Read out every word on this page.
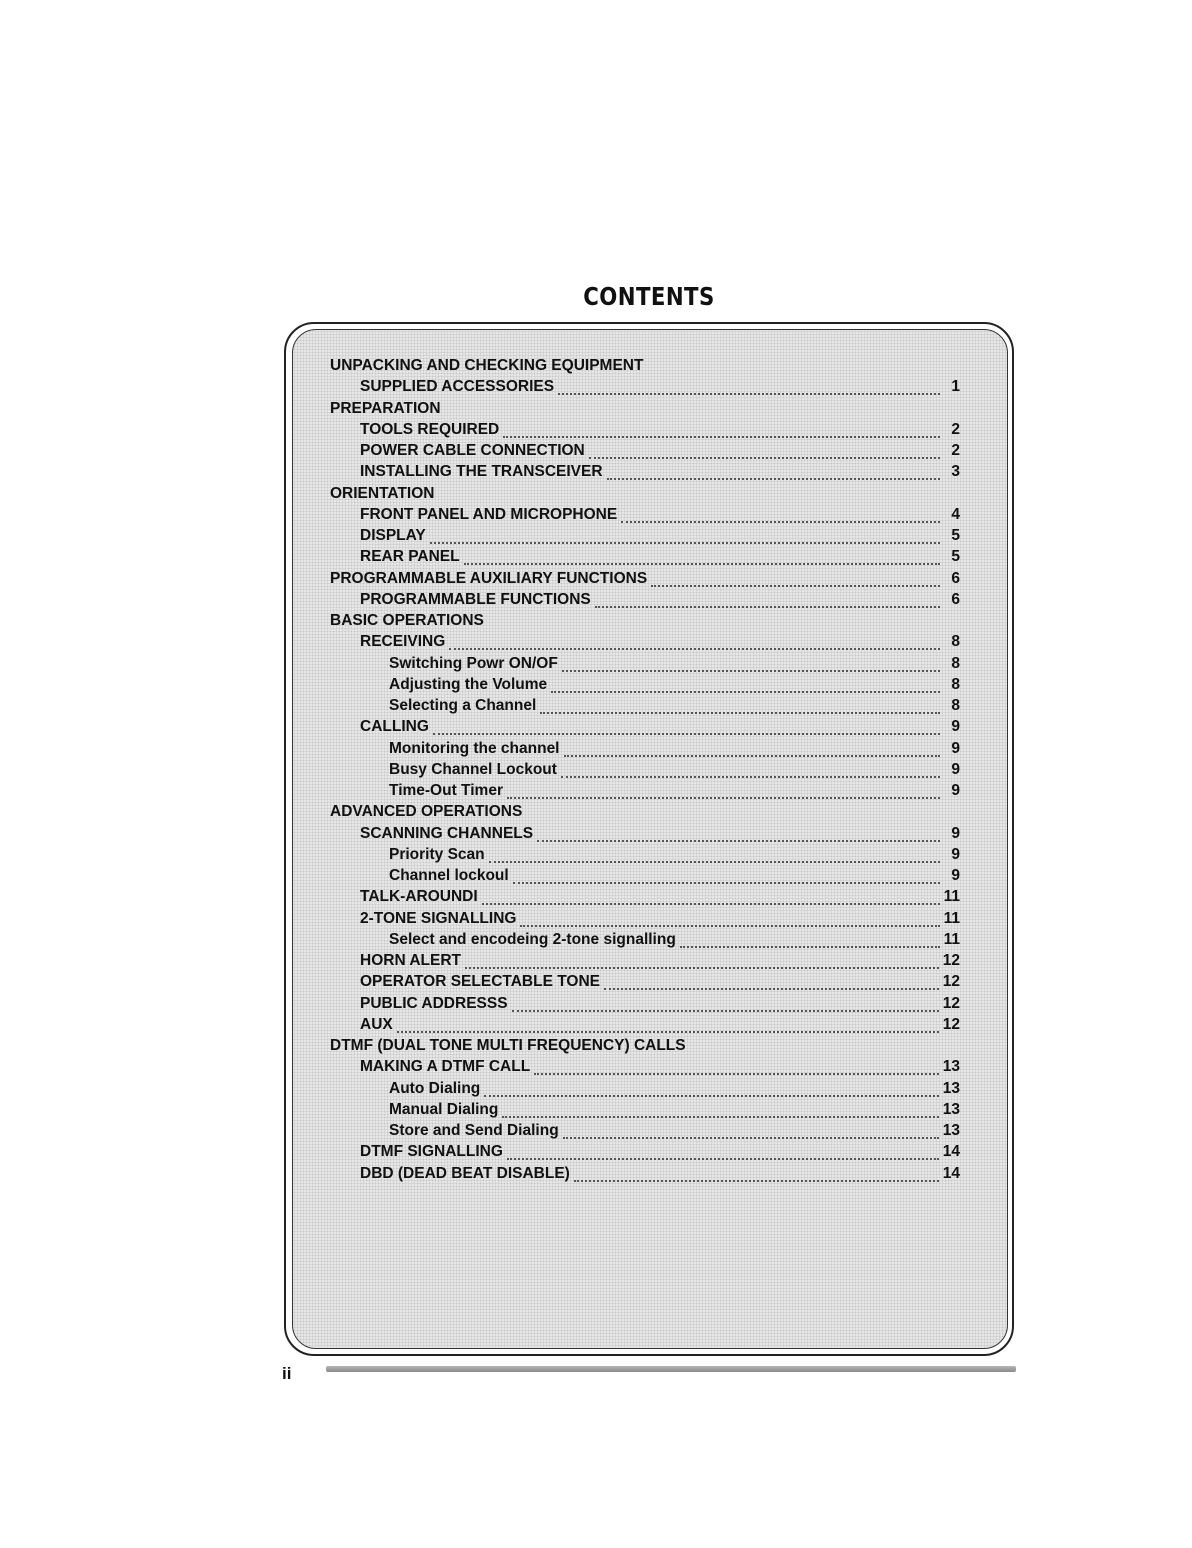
CONTENTS
UNPACKING AND CHECKING EQUIPMENT
SUPPLIED ACCESSORIES	1
PREPARATION
TOOLS REQUIRED	2
POWER CABLE CONNECTION	2
INSTALLING THE TRANSCEIVER	3
ORIENTATION
FRONT PANEL AND MICROPHONE	4
DISPLAY	5
REAR PANEL	5
PROGRAMMABLE AUXILIARY FUNCTIONS	6
PROGRAMMABLE FUNCTIONS	6
BASIC OPERATIONS
RECEIVING	8
Switching Powr ON/OF	8
Adjusting the Volume	8
Selecting a Channel	8
CALLING	9
Monitoring the channel	9
Busy Channel Lockout	9
Time-Out Timer	9
ADVANCED OPERATIONS
SCANNING CHANNELS	9
Priority Scan	9
Channel lockoul	9
TALK-AROUNDI	11
2-TONE SIGNALLING	11
Select and encodeing 2-tone signalling	11
HORN ALERT	12
OPERATOR SELECTABLE TONE	12
PUBLIC ADDRESSS	12
AUX	12
DTMF (DUAL TONE MULTI FREQUENCY) CALLS
MAKING A DTMF CALL	13
Auto Dialing	13
Manual Dialing	13
Store and Send Dialing	13
DTMF SIGNALLING	14
DBD (DEAD BEAT DISABLE)	14
ii
